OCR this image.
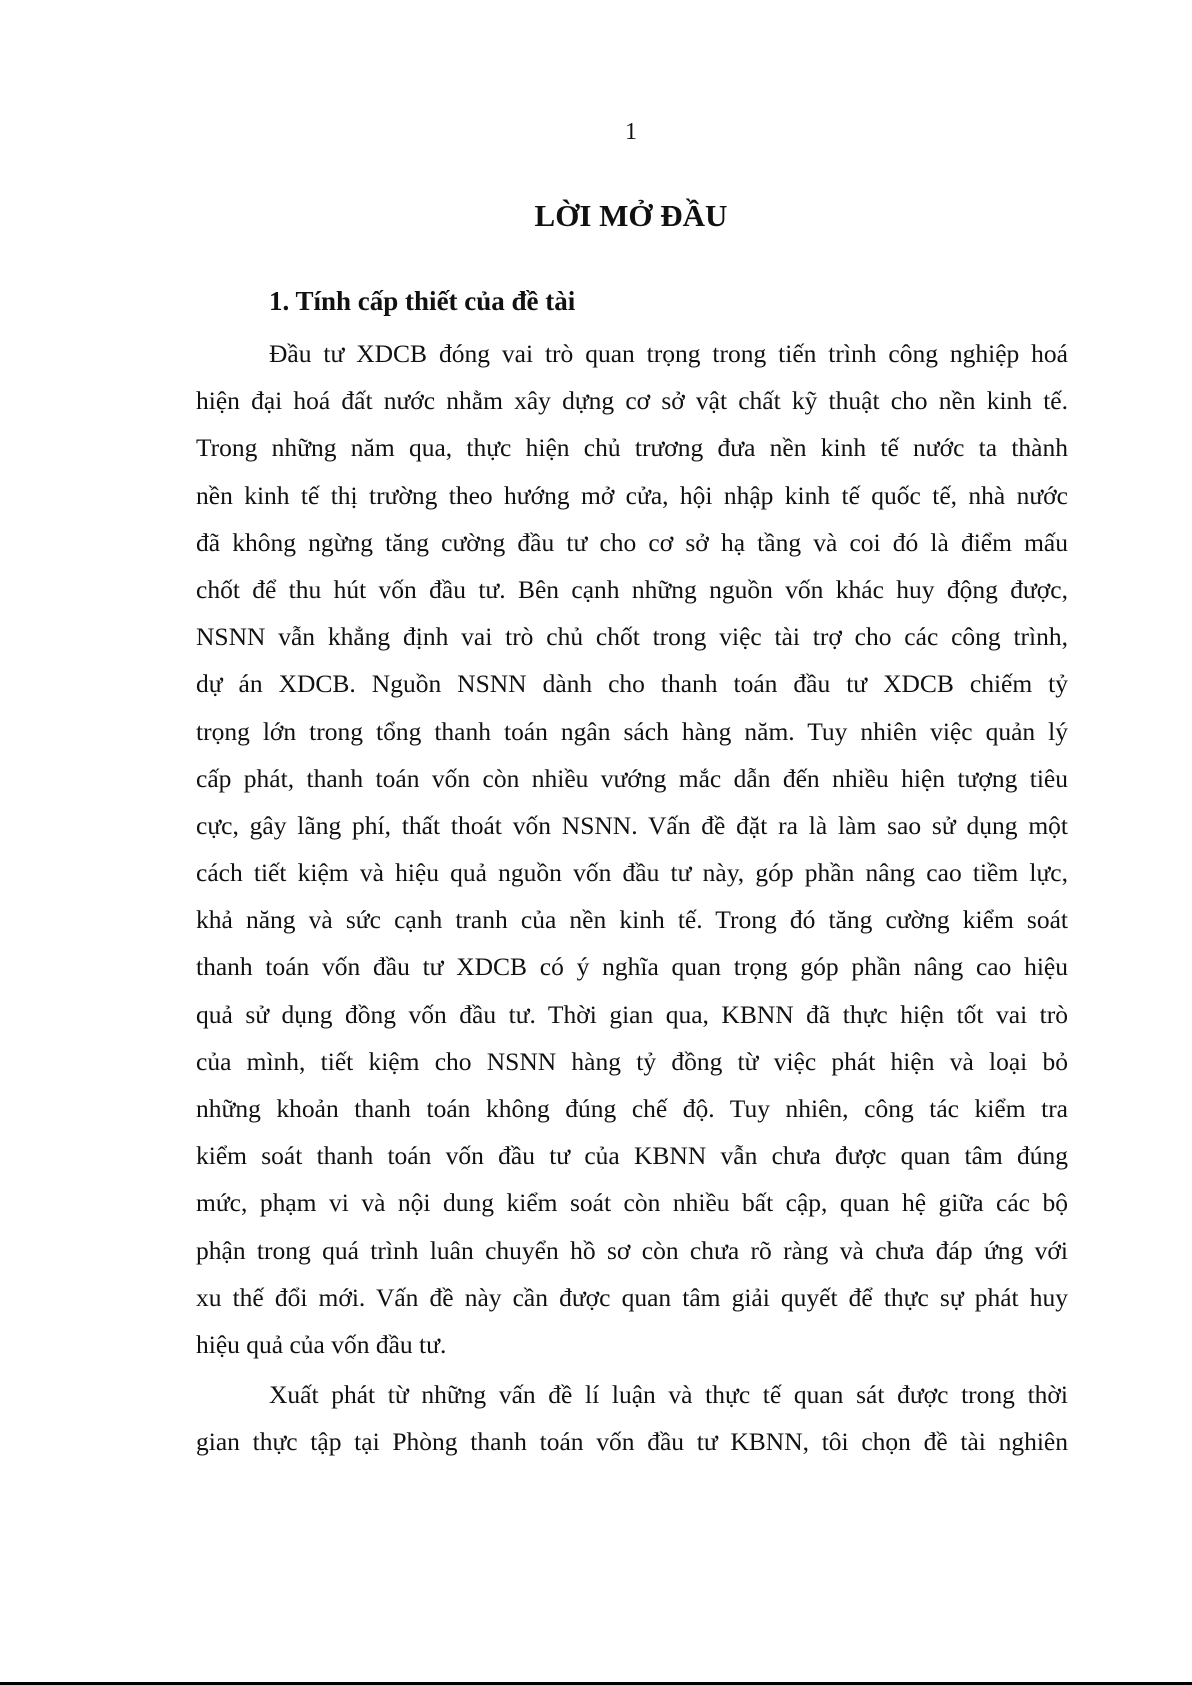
1
LỜI MỞ ĐẦU
1. Tính cấp thiết của đề tài
Đầu tư XDCB đóng vai trò quan trọng trong tiến trình công nghiệp hoá
hiện đại hoá đất nước nhằm xây dựng cơ sở vật chất kỹ thuật cho nền kinh tế.
Trong những năm qua, thực hiện chủ trương đưa nền kinh tế nước ta thành
nền kinh tế thị trường theo hướng mở cửa, hội nhập kinh tế quốc tế, nhà nước
đã không ngừng tăng cường đầu tư cho cơ sở hạ tầng và coi đó là điểm mấu
chốt để thu hút vốn đầu tư. Bên cạnh những nguồn vốn khác huy động được,
NSNN vẫn khẳng định vai trò chủ chốt trong việc tài trợ cho các công trình,
dự án XDCB. Nguồn NSNN dành cho thanh toán đầu tư XDCB chiếm tỷ
trọng lớn trong tổng thanh toán ngân sách hàng năm. Tuy nhiên việc quản lý
cấp phát, thanh toán vốn còn nhiều vướng mắc dẫn đến nhiều hiện tượng tiêu
cực, gây lãng phí, thất thoát vốn NSNN. Vấn đề đặt ra là làm sao sử dụng một
cách tiết kiệm và hiệu quả nguồn vốn đầu tư này, góp phần nâng cao tiềm lực,
khả năng và sức cạnh tranh của nền kinh tế. Trong đó tăng cường kiểm soát
thanh toán vốn đầu tư XDCB có ý nghĩa quan trọng góp phần nâng cao hiệu
quả sử dụng đồng vốn đầu tư. Thời gian qua, KBNN đã thực hiện tốt vai trò
của mình, tiết kiệm cho NSNN hàng tỷ đồng từ việc phát hiện và loại bỏ
những khoản thanh toán không đúng chế độ. Tuy nhiên, công tác kiểm tra
kiểm soát thanh toán vốn đầu tư của KBNN vẫn chưa được quan tâm đúng
mức, phạm vi và nội dung kiểm soát còn nhiều bất cập, quan hệ giữa các bộ
phận trong quá trình luân chuyển hồ sơ còn chưa rõ ràng và chưa đáp ứng với
xu thế đổi mới. Vấn đề này cần được quan tâm giải quyết để thực sự phát huy
hiệu quả của vốn đầu tư.
Xuất phát từ những vấn đề lí luận và thực tế quan sát được trong thời
gian thực tập tại Phòng thanh toán vốn đầu tư KBNN, tôi chọn đề tài nghiên
